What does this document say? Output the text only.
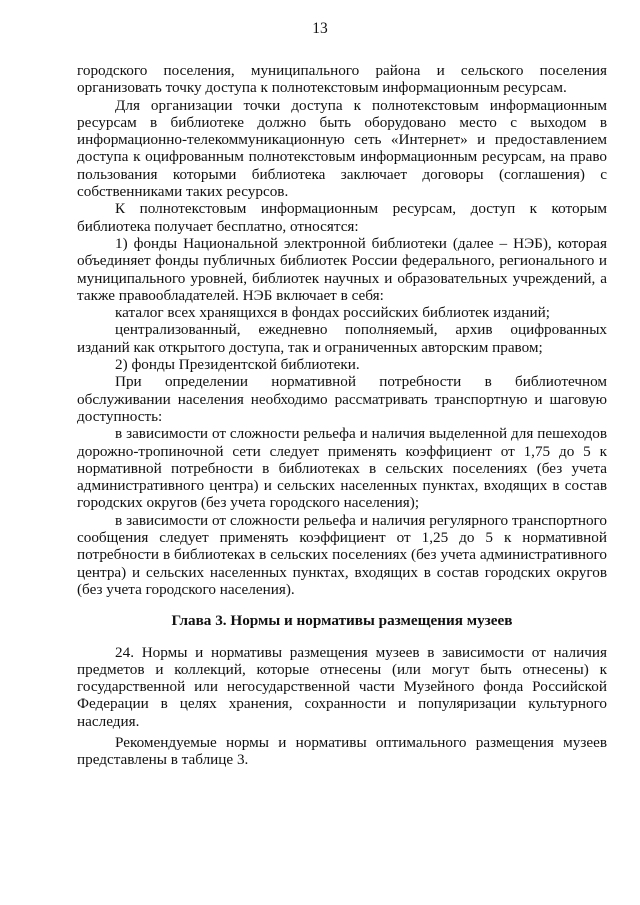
13

городского поселения, муниципального района и сельского поселения организовать точку доступа к полнотекстовым информационным ресурсам.

Для организации точки доступа к полнотекстовым информационным ресурсам в библиотеке должно быть оборудовано место с выходом в информационно-телекоммуникационную сеть «Интернет» и предоставлением доступа к оцифрованным полнотекстовым информационным ресурсам, на право пользования которыми библиотека заключает договоры (соглашения) с собственниками таких ресурсов.

К полнотекстовым информационным ресурсам, доступ к которым библиотека получает бесплатно, относятся:

1) фонды Национальной электронной библиотеки (далее – НЭБ), которая объединяет фонды публичных библиотек России федерального, регионального и муниципального уровней, библиотек научных и образовательных учреждений, а также правообладателей. НЭБ включает в себя:

каталог всех хранящихся в фондах российских библиотек изданий;

централизованный, ежедневно пополняемый, архив оцифрованных изданий как открытого доступа, так и ограниченных авторским правом;

2) фонды Президентской библиотеки.

При определении нормативной потребности в библиотечном обслуживании населения необходимо рассматривать транспортную и шаговую доступность:

в зависимости от сложности рельефа и наличия выделенной для пешеходов дорожно-тропиночной сети следует применять коэффициент от 1,75 до 5 к нормативной потребности в библиотеках в сельских поселениях (без учета административного центра) и сельских населенных пунктах, входящих в состав городских округов (без учета городского населения);

в зависимости от сложности рельефа и наличия регулярного транспортного сообщения следует применять коэффициент от 1,25 до 5 к нормативной потребности в библиотеках в сельских поселениях (без учета административного центра) и сельских населенных пунктах, входящих в состав городских округов (без учета городского населения).

Глава 3. Нормы и нормативы размещения музеев

24. Нормы и нормативы размещения музеев в зависимости от наличия предметов и коллекций, которые отнесены (или могут быть отнесены) к государственной или негосударственной части Музейного фонда Российской Федерации в целях хранения, сохранности и популяризации культурного наследия.

Рекомендуемые нормы и нормативы оптимального размещения музеев представлены в таблице 3.
